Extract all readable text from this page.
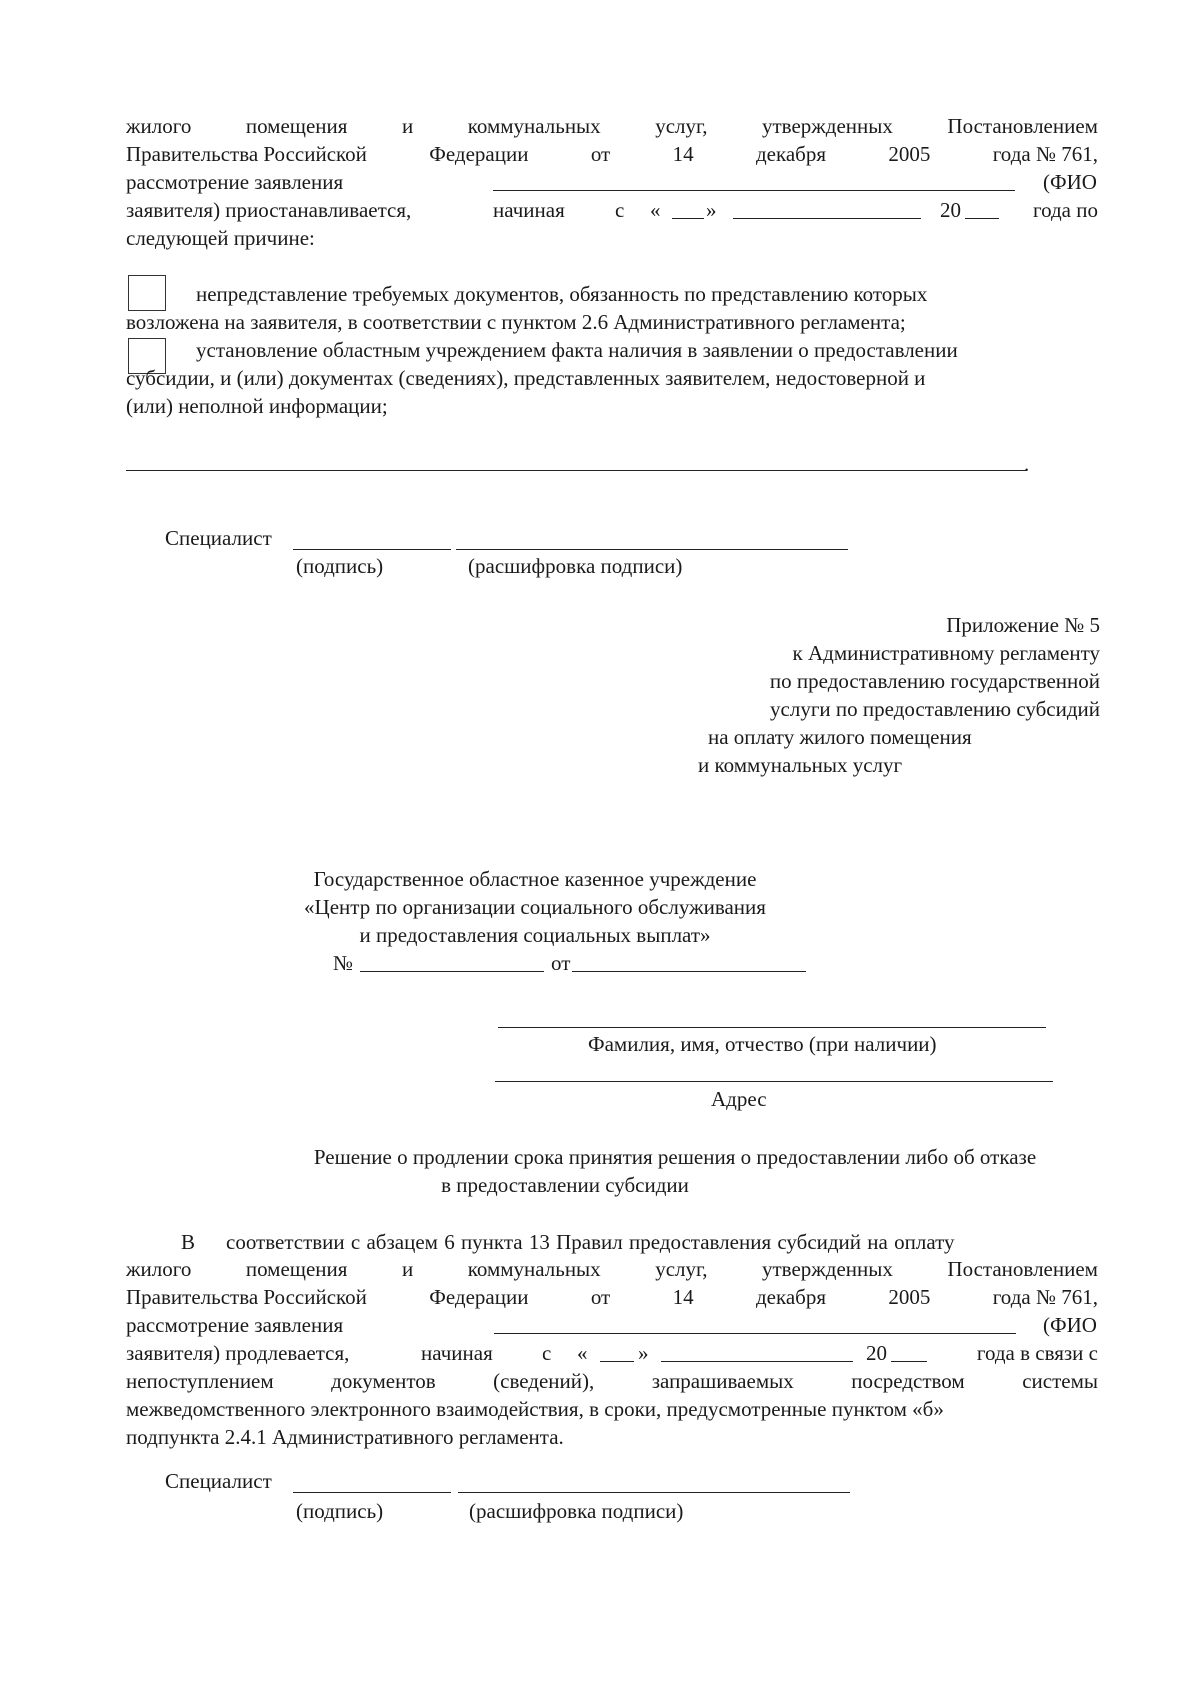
жилого	помещения	и	коммунальных	услуг,	утвержденных	Постановлением
Правительства Российской	Федерации	от	14	декабря	2005	года № 761,
рассмотрение заявления	(ФИО
заявителя) приостанавливается,	начиная с « »	20	года по
следующей причине:
непредставление требуемых документов, обязанность по представлению которых
возложена на заявителя, в соответствии с пунктом 2.6 Административного регламента;
установление областным учреждением факта наличия в заявлении о предоставлении
субсидии, и (или) документах (сведениях), представленных заявителем, недостоверной и
(или) неполной информации;
.
Специалист
(подпись)	(расшифровка подписи)
Приложение № 5
к Административному регламенту
по предоставлению государственной
услуги по предоставлению субсидий
на оплату жилого помещения
и коммунальных услуг
Государственное областное казенное учреждение
«Центр по организации социального обслуживания
и предоставления социальных выплат»
№	от
Фамилия, имя, отчество (при наличии)
Адрес
Решение о продлении срока принятия решения о предоставлении либо об отказе
в предоставлении субсидии
В соответствии с абзацем 6 пункта 13 Правил предоставления субсидий на оплату
жилого	помещения	и	коммунальных	услуг,	утвержденных	Постановлением
Правительства Российской	Федерации	от	14	декабря	2005	года № 761,
рассмотрение заявления	(ФИО
заявителя) продлевается,	начиная с « »	20	года в связи с
непоступлением	документов	(сведений),	запрашиваемых	посредством	системы
межведомственного электронного взаимодействия, в сроки, предусмотренные пунктом «б»
подпункта 2.4.1 Административного регламента.
Специалист
(подпись)	(расшифровка подписи)
